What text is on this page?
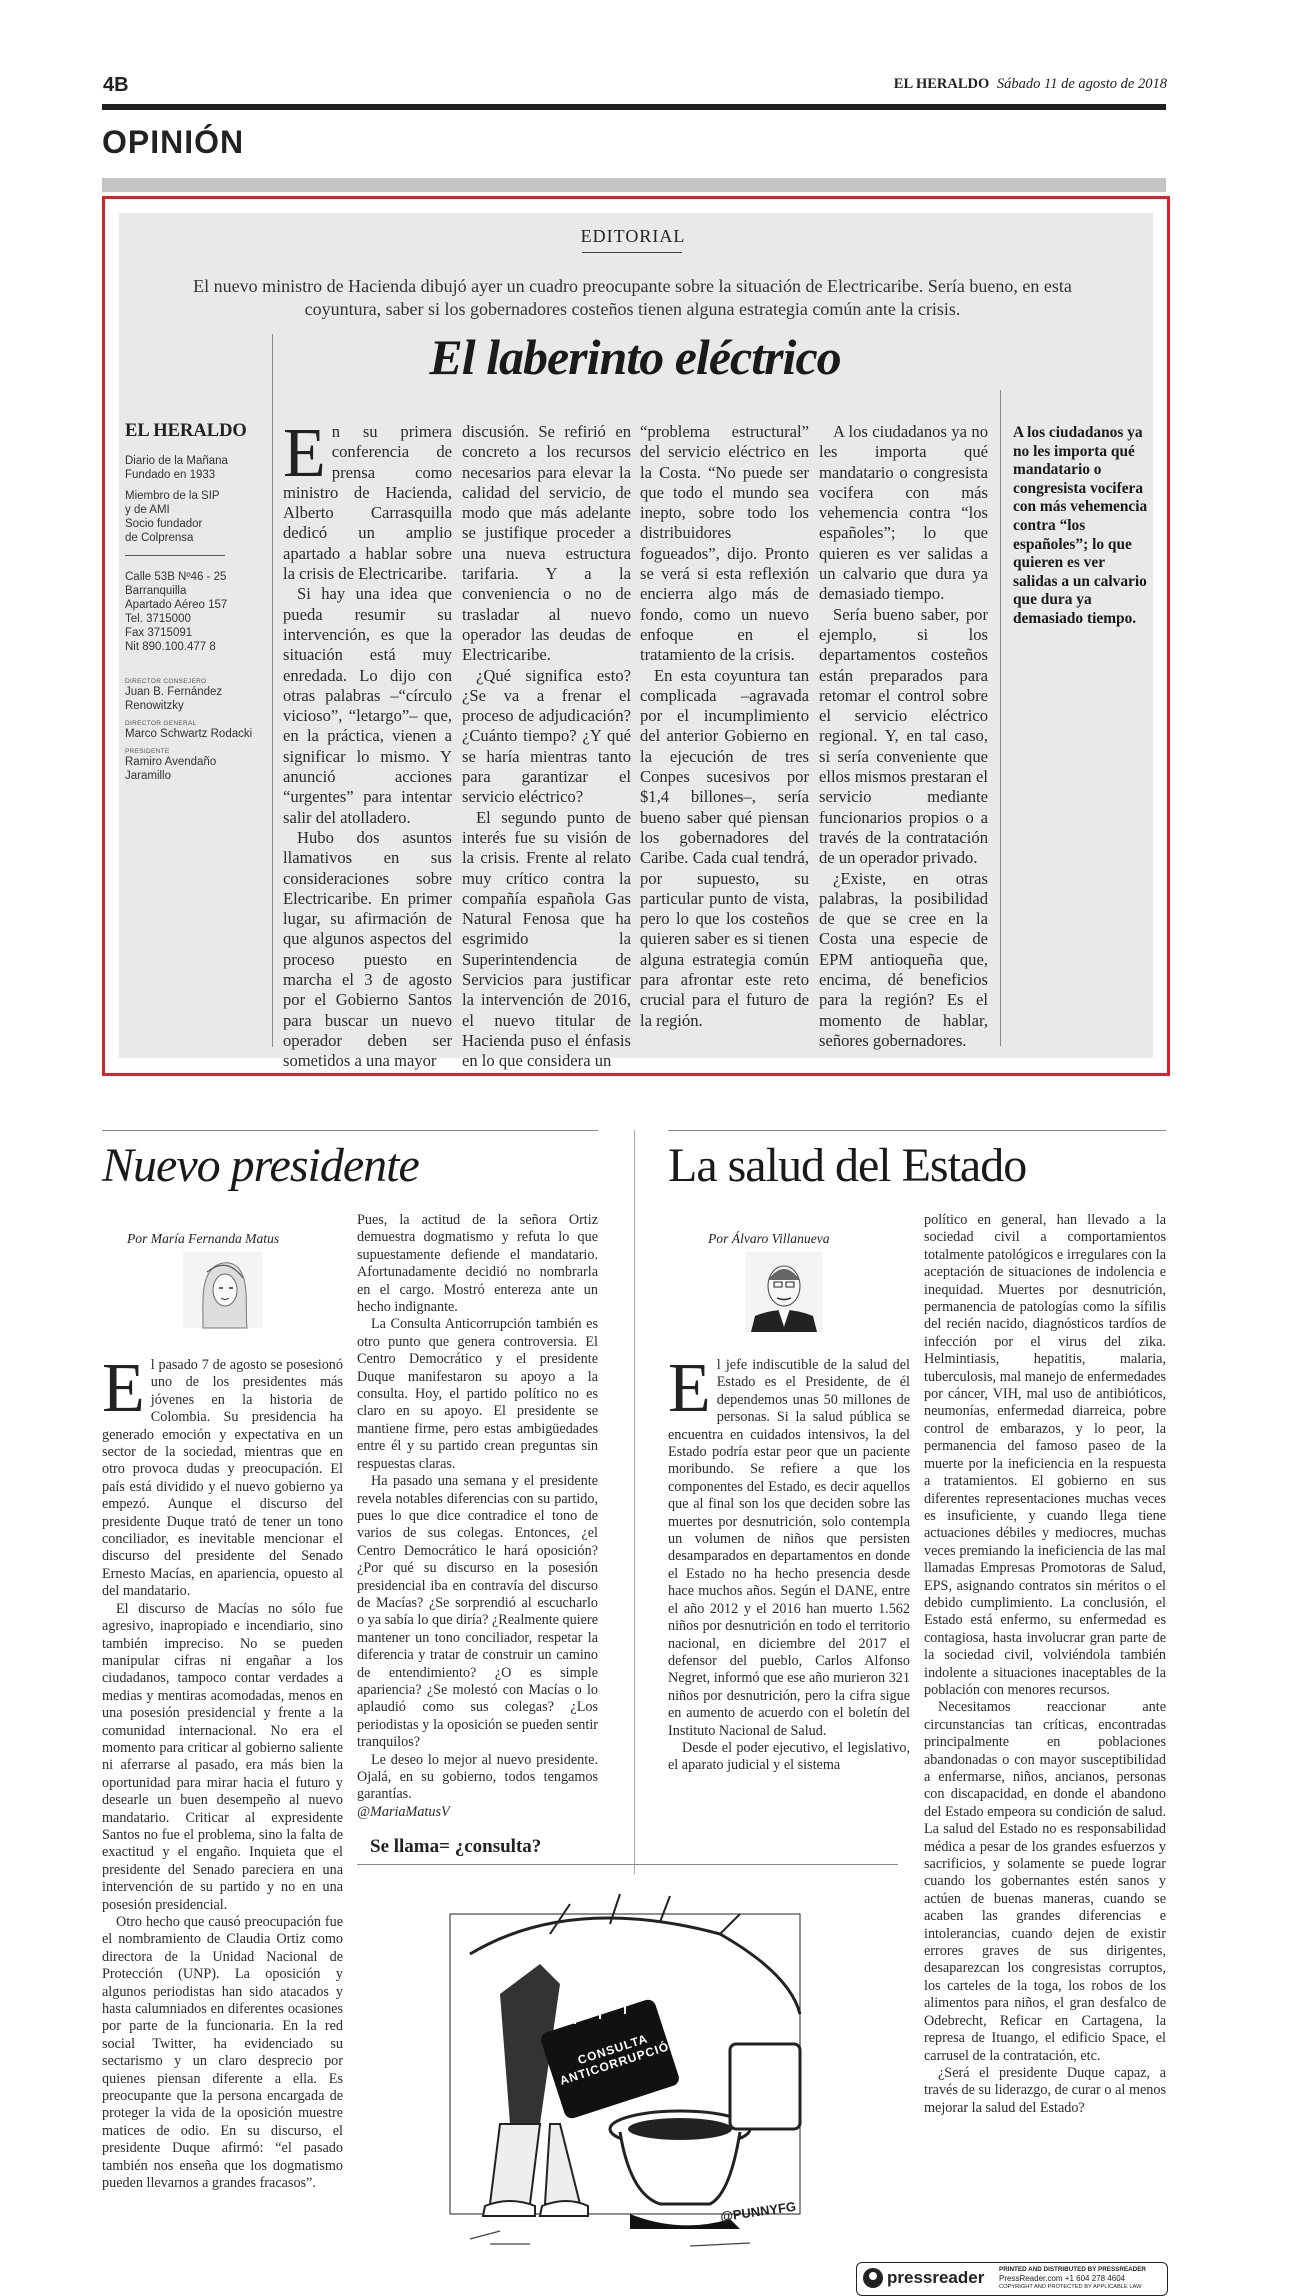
4B	EL HERALDO Sábado 11 de agosto de 2018
OPINIÓN
EDITORIAL
El nuevo ministro de Hacienda dibujó ayer un cuadro preocupante sobre la situación de Electricaribe. Sería bueno, en esta coyuntura, saber si los gobernadores costeños tienen alguna estrategia común ante la crisis.
El laberinto eléctrico
EL HERALDO
Diario de la Mañana
Fundado en 1933
Miembro de la SIP
y de AMI
Socio fundador
de Colprensa
Calle 53B Nº46 - 25
Barranquilla
Apartado Aéreo 157
Tel. 3715000
Fax 3715091
Nit 890.100.477 8
DIRECTOR CONSEJERO
Juan B. Fernández
Renowitzky
DIRECTOR GENERAL
Marco Schwartz Rodacki
PRESIDENTE
Ramiro Avendaño
Jaramillo
E n su primera conferencia de prensa como ministro de Hacienda, Alberto Carrasquilla dedicó un amplio apartado a hablar sobre la crisis de Electricaribe.

Si hay una idea que pueda resumir su intervención, es que la situación está muy enredada. Lo dijo con otras palabras –“círculo vicioso”, “letargo”– que, en la práctica, vienen a significar lo mismo. Y anunció acciones “urgentes” para intentar salir del atolladero.

Hubo dos asuntos llamativos en sus consideraciones sobre Electricaribe. En primer lugar, su afirmación de que algunos aspectos del proceso puesto en marcha el 3 de agosto por el Gobierno Santos para buscar un nuevo operador deben ser sometidos a una mayor

discusión. Se refirió en concreto a los recursos necesarios para elevar la calidad del servicio, de modo que más adelante se justifique proceder a una nueva estructura tarifaria. Y a la conveniencia o no de trasladar al nuevo operador las deudas de Electricaribe.

¿Qué significa esto? ¿Se va a frenar el proceso de adjudicación? ¿Cuánto tiempo? ¿Y qué se haría mientras tanto para garantizar el servicio eléctrico?

El segundo punto de interés fue su visión de la crisis. Frente al relato muy crítico contra la compañía española Gas Natural Fenosa que ha esgrimido la Superintendencia de Servicios para justificar la intervención de 2016, el nuevo titular de Hacienda puso el énfasis en lo que considera un

“problema estructural” del servicio eléctrico en la Costa. “No puede ser que todo el mundo sea inepto, sobre todo los distribuidores fogueados”, dijo. Pronto se verá si esta reflexión encierra algo más de fondo, como un nuevo enfoque en el tratamiento de la crisis.

En esta coyuntura tan complicada –agravada por el incumplimiento del anterior Gobierno en la ejecución de tres Conpes sucesivos por $1,4 billones–, sería bueno saber qué piensan los gobernadores del Caribe. Cada cual tendrá, por supuesto, su particular punto de vista, pero lo que los costeños quieren saber es si tienen alguna estrategia común para afrontar este reto crucial para el futuro de la región.

A los ciudadanos ya no les importa qué mandatario o congresista vocifera con más vehemencia contra “los españoles”; lo que quieren es ver salidas a un calvario que dura ya demasiado tiempo.

Sería bueno saber, por ejemplo, si los departamentos costeños están preparados para retomar el control sobre el servicio eléctrico regional. Y, en tal caso, si sería conveniente que ellos mismos prestaran el servicio mediante funcionarios propios o a través de la contratación de un operador privado.

¿Existe, en otras palabras, la posibilidad de que se cree en la Costa una especie de EPM antioqueña que, encima, dé beneficios para la región? Es el momento de hablar, señores gobernadores.

A los ciudadanos ya no les importa qué mandatario o congresista vocifera con más vehemencia contra “los españoles”; lo que quieren es ver salidas a un calvario que dura ya demasiado tiempo.
Nuevo presidente
Por María Fernanda Matus
E l pasado 7 de agosto se posesionó uno de los presidentes más jóvenes en la historia de Colombia. Su presidencia ha generado emoción y expectativa en un sector de la sociedad, mientras que en otro provoca dudas y preocupación. El país está dividido y el nuevo gobierno ya empezó. Aunque el discurso del presidente Duque trató de tener un tono conciliador, es inevitable mencionar el discurso del presidente del Senado Ernesto Macías, en apariencia, opuesto al del mandatario.

El discurso de Macías no sólo fue agresivo, inapropiado e incendiario, sino también impreciso. No se pueden manipular cifras ni engañar a los ciudadanos, tampoco contar verdades a medias y mentiras acomodadas, menos en una posesión presidencial y frente a la comunidad internacional. No era el momento para criticar al gobierno saliente ni aferrarse al pasado, era más bien la oportunidad para mirar hacia el futuro y desearle un buen desempeño al nuevo mandatario. Criticar al expresidente Santos no fue el problema, sino la falta de exactitud y el engaño. Inquieta que el presidente del Senado pareciera en una intervención de su partido y no en una posesión presidencial.

Otro hecho que causó preocupación fue el nombramiento de Claudia Ortiz como directora de la Unidad Nacional de Protección (UNP). La oposición y algunos periodistas han sido atacados y hasta calumniados en diferentes ocasiones por parte de la funcionaria. En la red social Twitter, ha evidenciado su sectarismo y un claro desprecio por quienes piensan diferente a ella. Es preocupante que la persona encargada de proteger la vida de la oposición muestre matices de odio. En su discurso, el presidente Duque afirmó: “el pasado también nos enseña que los dogmatismo pueden llevarnos a grandes fracasos”.

Pues, la actitud de la señora Ortiz demuestra dogmatismo y refuta lo que supuestamente defiende el mandatario. Afortunadamente decidió no nombrarla en el cargo. Mostró entereza ante un hecho indignante.

La Consulta Anticorrupción también es otro punto que genera controversia. El Centro Democrático y el presidente Duque manifestaron su apoyo a la consulta. Hoy, el partido político no es claro en su apoyo. El presidente se mantiene firme, pero estas ambigüedades entre él y su partido crean preguntas sin respuestas claras.

Ha pasado una semana y el presidente revela notables diferencias con su partido, pues lo que dice contradice el tono de varios de sus colegas. Entonces, ¿el Centro Democrático le hará oposición? ¿Por qué su discurso en la posesión presidencial iba en contravía del discurso de Macías? ¿Se sorprendió al escucharlo o ya sabía lo que diría? ¿Realmente quiere mantener un tono conciliador, respetar la diferencia y tratar de construir un camino de entendimiento? ¿O es simple apariencia? ¿Se molestó con Macías o lo aplaudió como sus colegas? ¿Los periodistas y la oposición se pueden sentir tranquilos?

Le deseo lo mejor al nuevo presidente. Ojalá, en su gobierno, todos tengamos garantías.

@MariaMatusV
Se llama= ¿consulta?
CONSULTA ANTICORRUPCIÓN
@PUNNYFG
La salud del Estado
Por Álvaro Villanueva
E l jefe indiscutible de la salud del Estado es el Presidente, de él dependemos unas 50 millones de personas. Si la salud pública se encuentra en cuidados intensivos, la del Estado podría estar peor que un paciente moribundo. Se refiere a que los componentes del Estado, es decir aquellos que al final son los que deciden sobre las muertes por desnutrición, solo contempla un volumen de niños que persisten desamparados en departamentos en donde el Estado no ha hecho presencia desde hace muchos años. Según el DANE, entre el año 2012 y el 2016 han muerto 1.562 niños por desnutrición en todo el territorio nacional, en diciembre del 2017 el defensor del pueblo, Carlos Alfonso Negret, informó que ese año murieron 321 niños por desnutrición, pero la cifra sigue en aumento de acuerdo con el boletín del Instituto Nacional de Salud.

Desde el poder ejecutivo, el legislativo, el aparato judicial y el sistema

político en general, han llevado a la sociedad civil a comportamientos totalmente patológicos e irregulares con la aceptación de situaciones de indolencia e inequidad. Muertes por desnutrición, permanencia de patologías como la sífilis del recién nacido, diagnósticos tardíos de infección por el virus del zika. Helmintiasis, hepatitis, malaria, tuberculosis, mal manejo de enfermedades por cáncer, VIH, mal uso de antibióticos, neumonías, enfermedad diarreica, pobre control de embarazos, y lo peor, la permanencia del famoso paseo de la muerte por la ineficiencia en la respuesta a tratamientos. El gobierno en sus diferentes representaciones muchas veces es insuficiente, y cuando llega tiene actuaciones débiles y mediocres, muchas veces premiando la ineficiencia de las mal llamadas Empresas Promotoras de Salud, EPS, asignando contratos sin méritos o el debido cumplimiento. La conclusión, el Estado está enfermo, su enfermedad es contagiosa, hasta involucrar gran parte de la sociedad civil, volviéndola también indolente a situaciones inaceptables de la población con menores recursos.

Necesitamos reaccionar ante circunstancias tan críticas, encontradas principalmente en poblaciones abandonadas o con mayor susceptibilidad a enfermarse, niños, ancianos, personas con discapacidad, en donde el abandono del Estado empeora su condición de salud. La salud del Estado no es responsabilidad médica a pesar de los grandes esfuerzos y sacrificios, y solamente se puede lograr cuando los gobernantes estén sanos y actúen de buenas maneras, cuando se acaben las grandes diferencias e intolerancias, cuando dejen de existir errores graves de sus dirigentes, desaparezcan los congresistas corruptos, los carteles de la toga, los robos de los alimentos para niños, el gran desfalco de Odebrecht, Reficar en Cartagena, la represa de Ituango, el edificio Space, el carrusel de la contratación, etc.

¿Será el presidente Duque capaz, a través de su liderazgo, de curar o al menos mejorar la salud del Estado?

pressreader PRINTED AND DISTRIBUTED BY PRESSREADER
PressReader.com +1 604 278 4604
COPYRIGHT AND PROTECTED BY APPLICABLE LAW
